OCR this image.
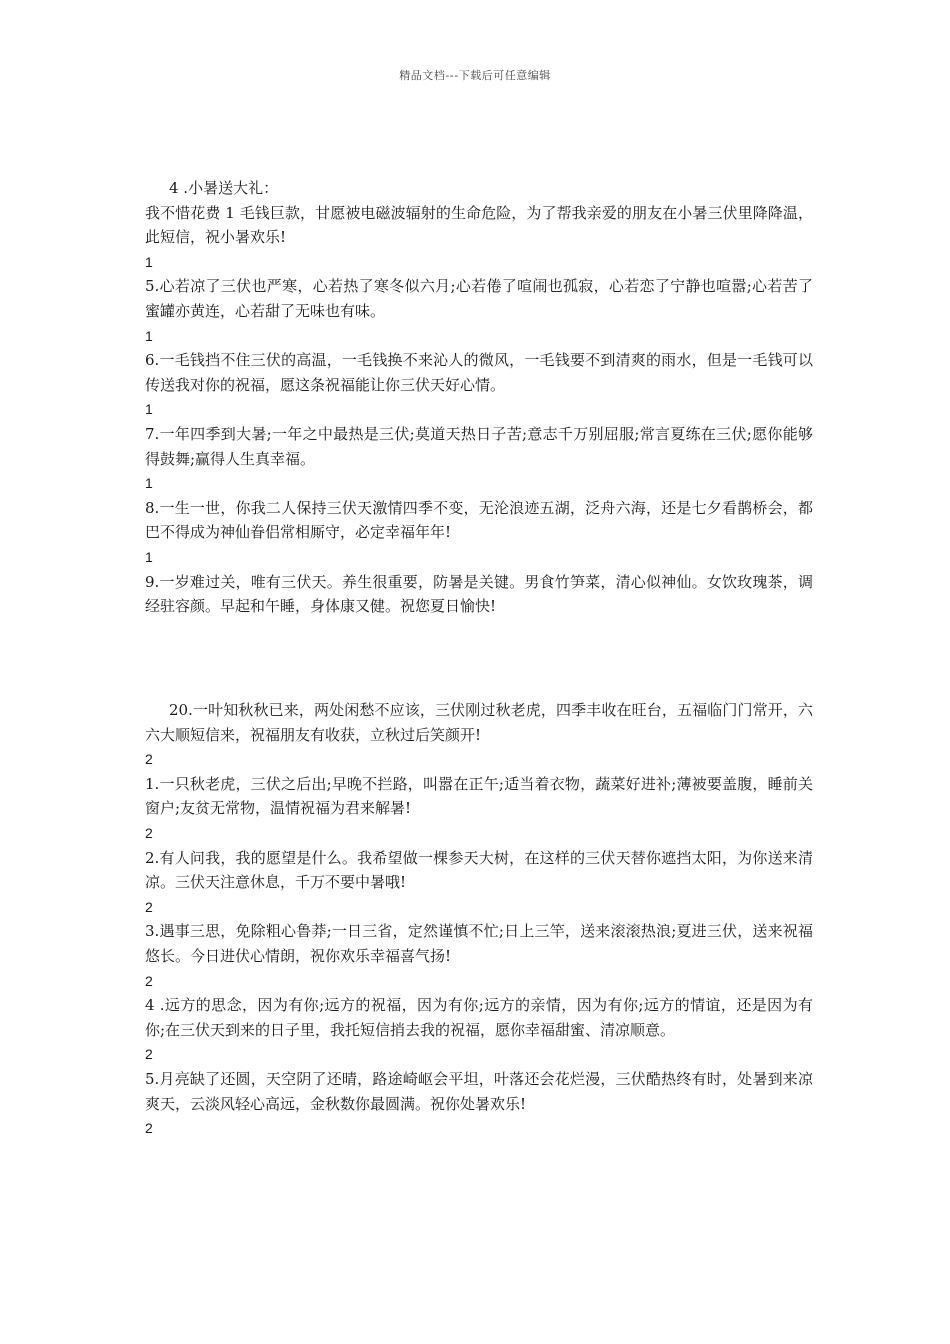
精品文档---下载后可任意编辑

4 .小暑送大礼：

我不惜花费 1 毛钱巨款，甘愿被电磁波辐射的生命危险，为了帮我亲爱的朋友在小暑三伏里降降温，此短信，祝小暑欢乐!

1

5.心若凉了三伏也严寒，心若热了寒冬似六月;心若倦了喧闹也孤寂，心若恋了宁静也喧嚣;心若苦了蜜罐亦黄连，心若甜了无味也有味。

1

6.一毛钱挡不住三伏的高温，一毛钱换不来沁人的微风，一毛钱要不到清爽的雨水，但是一毛钱可以传送我对你的祝福，愿这条祝福能让你三伏天好心情。

1

7.一年四季到大暑;一年之中最热是三伏;莫道天热日子苦;意志千万别屈服;常言夏练在三伏;愿你能够得鼓舞;赢得人生真幸福。

1

8.一生一世，你我二人保持三伏天激情四季不变，无沦浪迹五湖，泛舟六海，还是七夕看鹊桥会，都巴不得成为神仙眷侣常相厮守，必定幸福年年!

1

9.一岁难过关，唯有三伏天。养生很重要，防暑是关键。男食竹笋菜，清心似神仙。女饮玫瑰茶，调经驻容颜。早起和午睡，身体康又健。祝您夏日愉快!

20.一叶知秋秋已来，两处闲愁不应该，三伏刚过秋老虎，四季丰收在旺台，五福临门门常开，六六大顺短信来，祝福朋友有收获，立秋过后笑颜开!

2

1.一只秋老虎，三伏之后出;早晚不拦路，叫嚣在正午;适当着衣物，蔬菜好进补;薄被要盖腹，睡前关窗户;友贫无常物，温情祝福为君来解暑!

2

2.有人问我，我的愿望是什么。我希望做一棵参天大树，在这样的三伏天替你遮挡太阳，为你送来清凉。三伏天注意休息，千万不要中暑哦!

2

3.遇事三思，免除粗心鲁莽;一日三省，定然谨慎不忙;日上三竿，送来滚滚热浪;夏进三伏，送来祝福悠长。今日进伏心情朗，祝你欢乐幸福喜气扬!

2

4 .远方的思念，因为有你;远方的祝福，因为有你;远方的亲情，因为有你;远方的情谊，还是因为有你;在三伏天到来的日子里，我托短信捎去我的祝福，愿你幸福甜蜜、清凉顺意。

2

5.月亮缺了还圆，天空阴了还晴，路途崎岖会平坦，叶落还会花烂漫，三伏酷热终有时，处暑到来凉爽天，云淡风轻心高远，金秋数你最圆满。祝你处暑欢乐!

2
